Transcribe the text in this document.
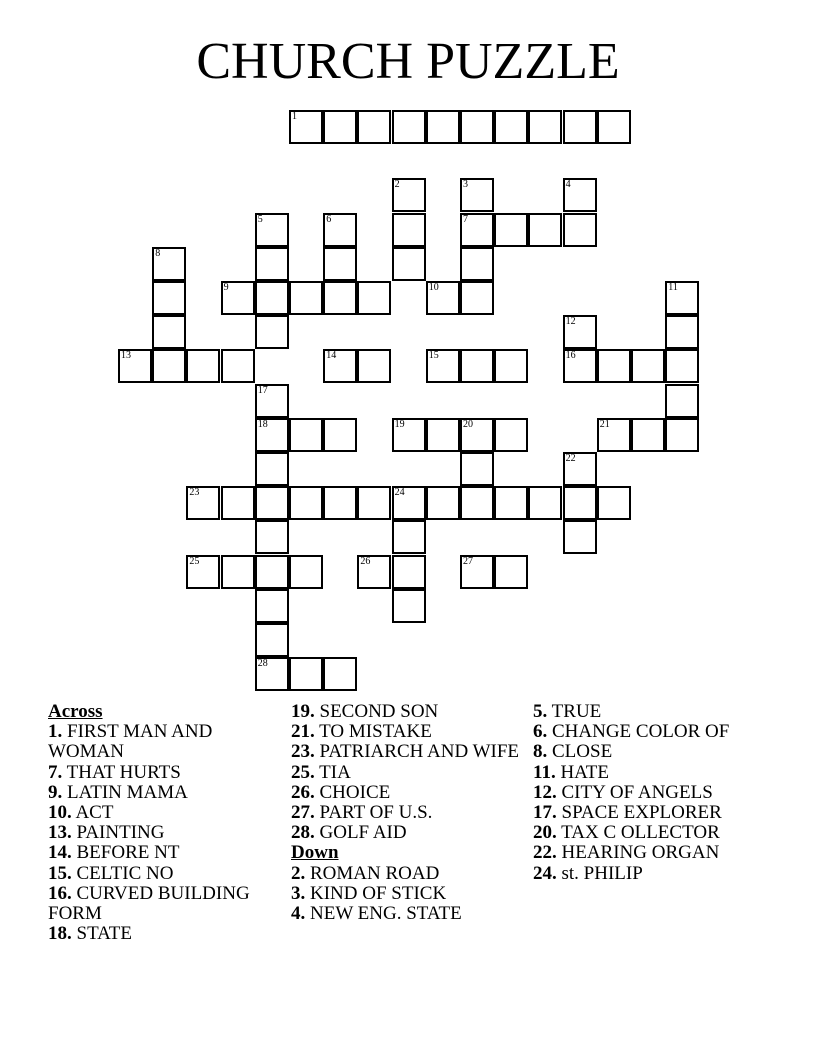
CHURCH PUZZLE
1
2	3	4
5	6	7
8
9	10	11
12
13	14	15	16
17
18	19	20	21
22
23	24
25	26	27
28
Across
1. FIRST MAN AND WOMAN
7. THAT HURTS
9. LATIN MAMA
10. ACT
13. PAINTING
14. BEFORE NT
15. CELTIC NO
16. CURVED BUILDING FORM
18. STATE
19. SECOND SON
21. TO MISTAKE
23. PATRIARCH AND WIFE
25. TIA
26. CHOICE
27. PART OF U.S.
28. GOLF AID
Down
2. ROMAN ROAD
3. KIND OF STICK
4. NEW ENG. STATE
5. TRUE
6. CHANGE COLOR OF
8. CLOSE
11. HATE
12. CITY OF ANGELS
17. SPACE EXPLORER
20. TAX C OLLECTOR
22. HEARING ORGAN
24. st. PHILIP
